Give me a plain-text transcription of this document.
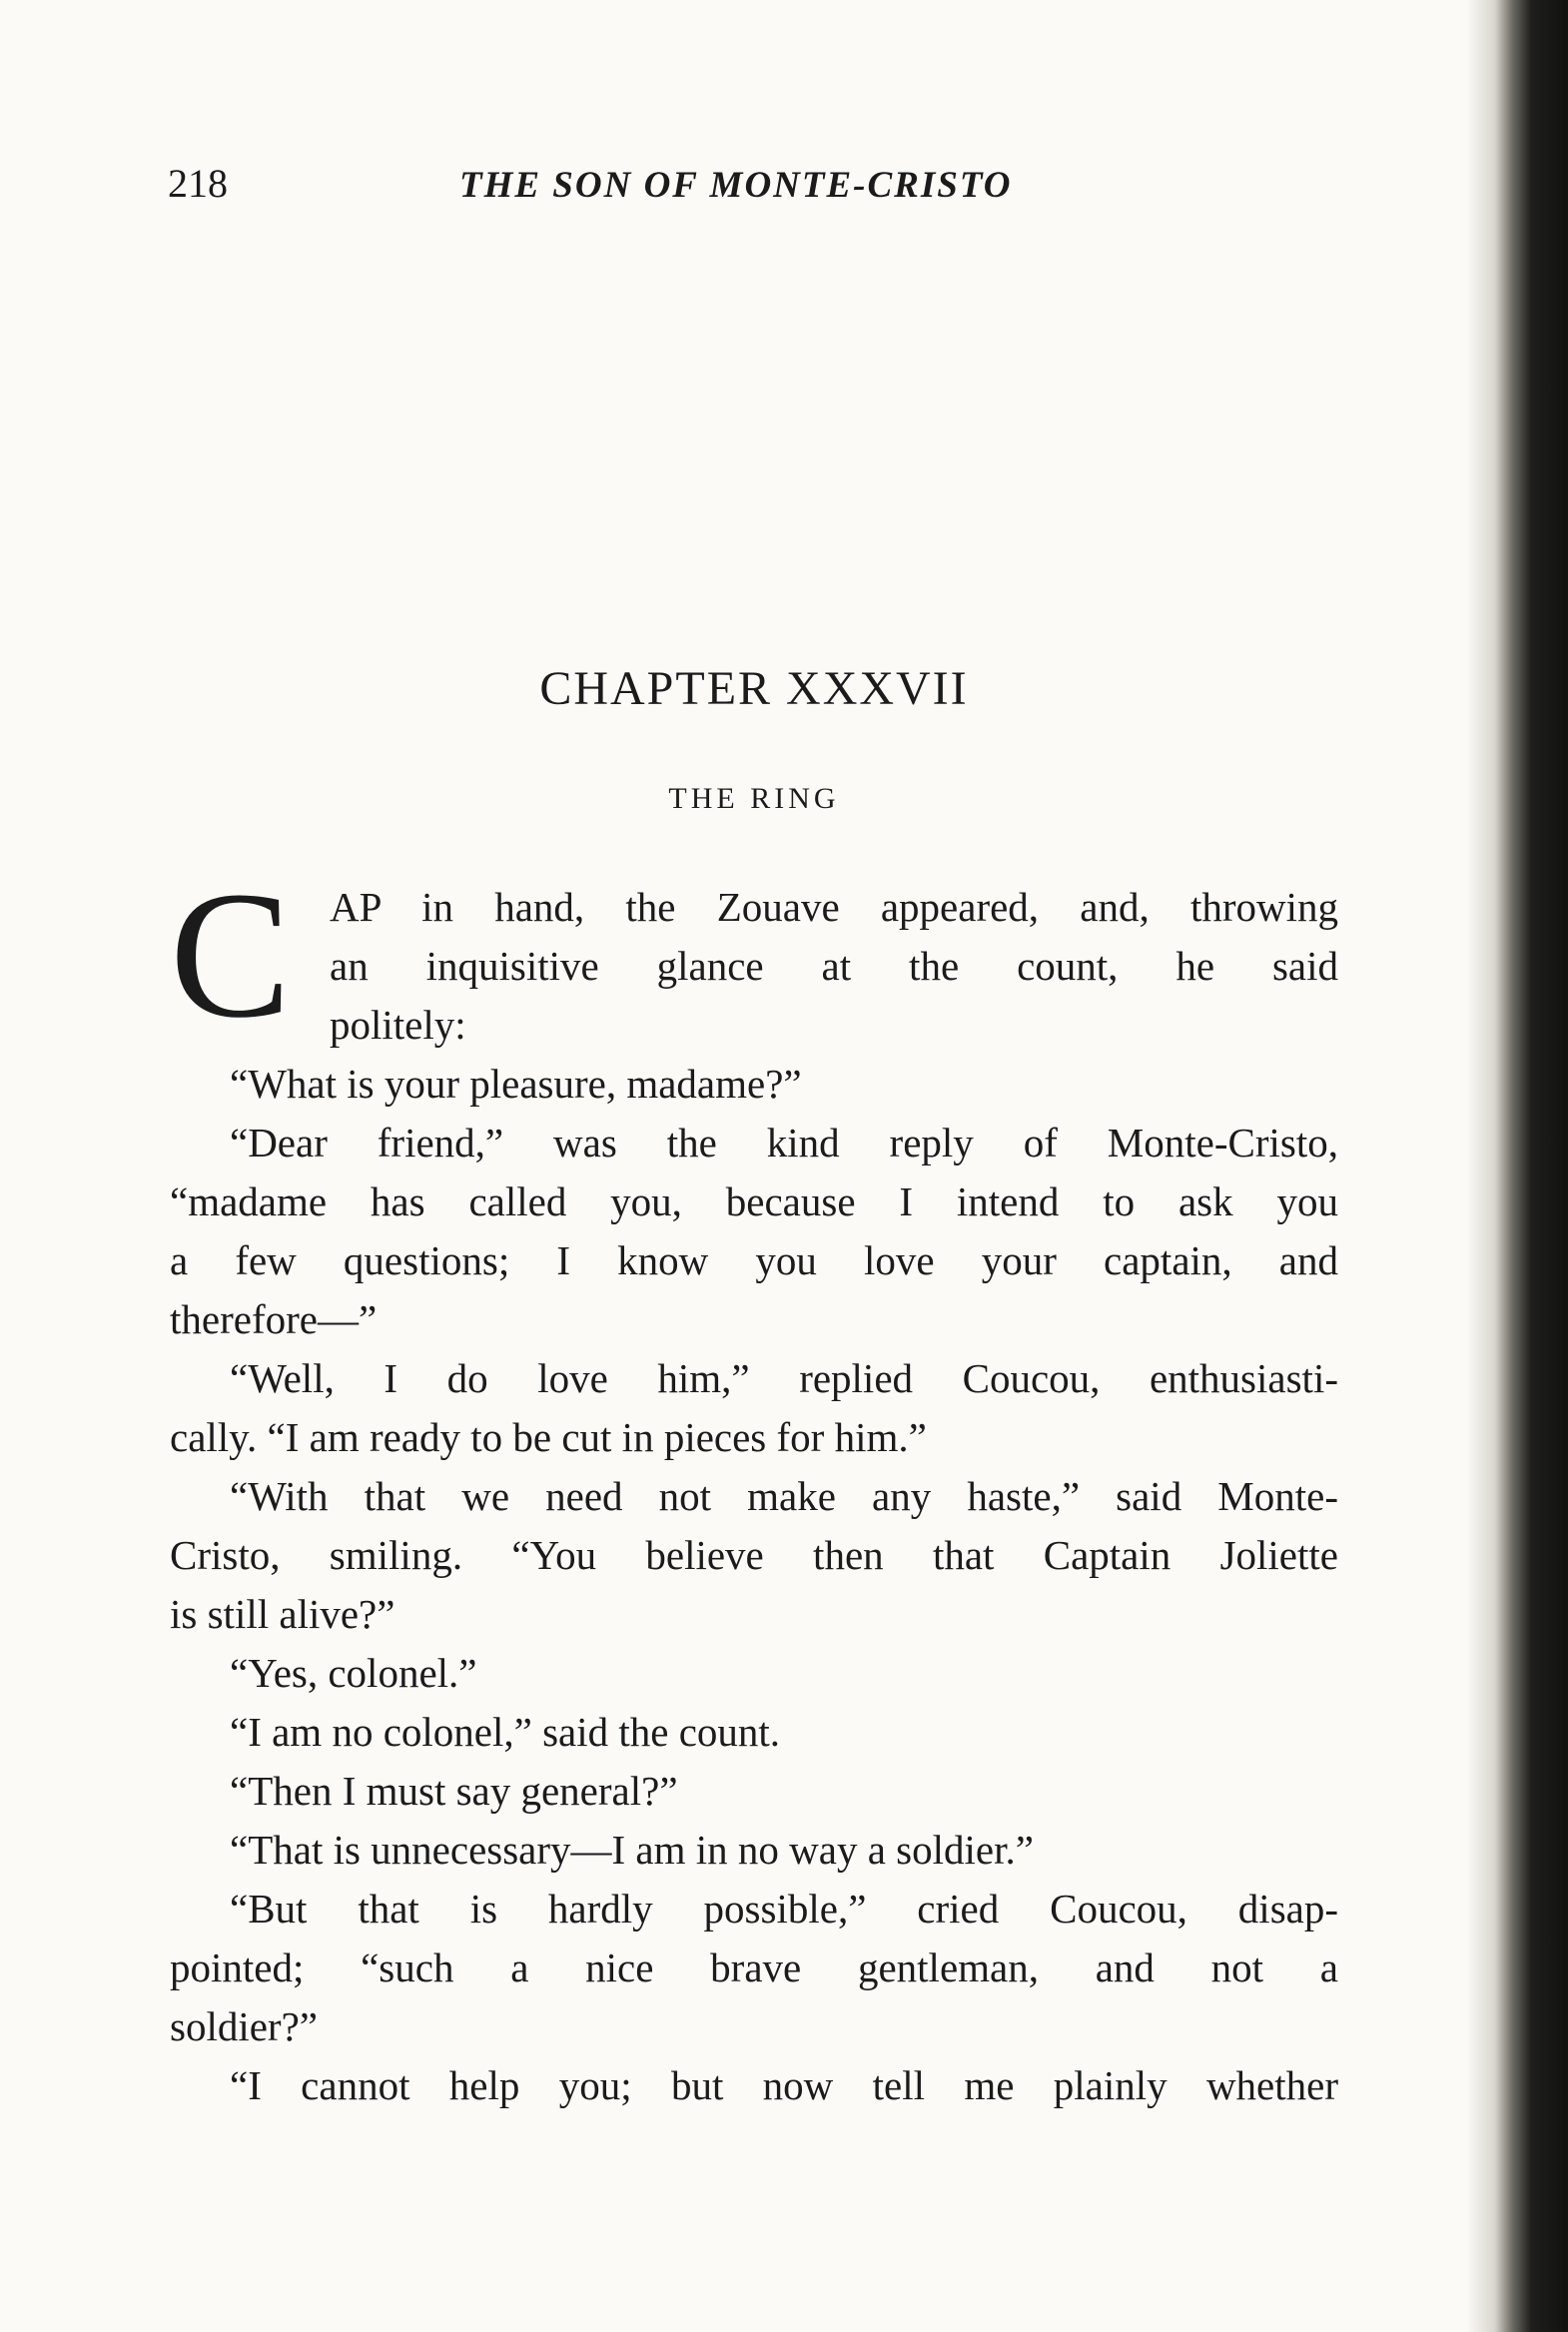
218	THE SON OF MONTE-CRISTO
CHAPTER XXXVII
THE RING
C AP in hand, the Zouave appeared, and, throwing

an inquisitive glance at the count, he said

politely:

“What is your pleasure, madame?”

“Dear friend,” was the kind reply of Monte-Cristo,

“madame has called you, because I intend to ask you

a few questions; I know you love your captain, and

therefore—”

“Well, I do love him,” replied Coucou, enthusiasti-

cally. “I am ready to be cut in pieces for him.”

“With that we need not make any haste,” said Monte-

Cristo, smiling. “You believe then that Captain Joliette

is still alive?”

“Yes, colonel.”

“I am no colonel,” said the count.

“Then I must say general?”

“That is unnecessary—I am in no way a soldier.”

“But that is hardly possible,” cried Coucou, disap-

pointed; “such a nice brave gentleman, and not a

soldier?”

“I cannot help you; but now tell me plainly whether
